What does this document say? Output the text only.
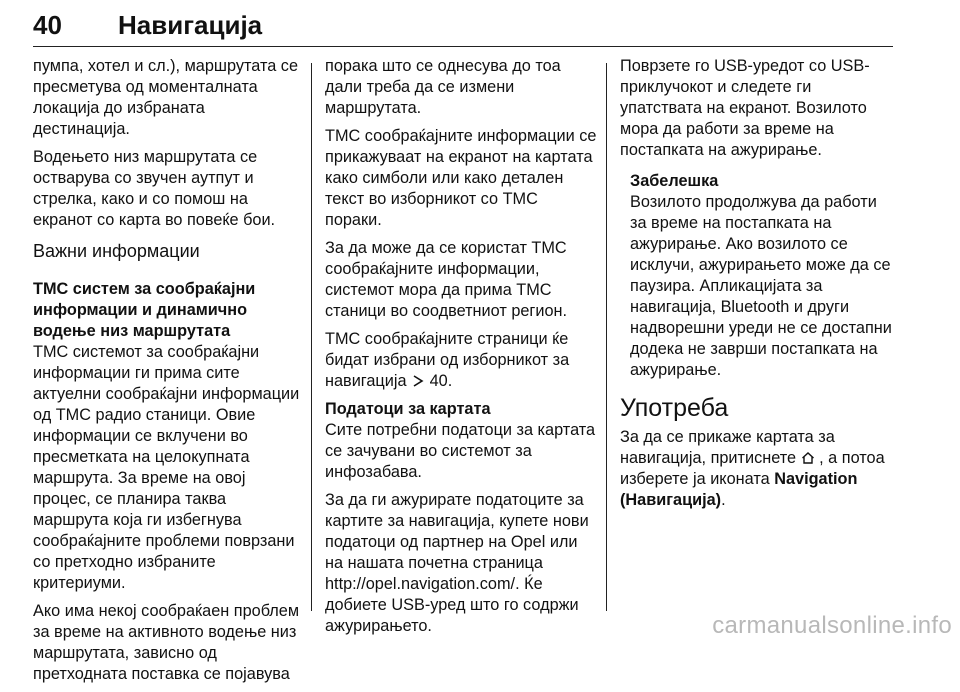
40 Навигација

пумпа, хотел и сл.), маршрутата се пресметува од моменталната локација до избраната дестинација.

Водењето низ маршрутата се остварува со звучен аутпут и стрелка, како и со помош на екранот со карта во повеќе бои.

Важни информации
TMC систем за сообраќајни информации и динамично водење низ маршрутата

TMC системот за сообраќајни информации ги прима сите актуелни сообраќајни информации од TMC радио станици. Овие информации се вклучени во пресметката на целокупната маршрута. За време на овој процес, се планира таква маршрута која ги избегнува сообраќајните проблеми поврзани со претходно избраните критериуми.

Ако има некој сообраќаен проблем за време на активното водење низ маршрутата, зависно од претходната поставка се појавува

порака што се однесува до тоа дали треба да се измени маршрутата.

TMC сообраќајните информации се прикажуваат на екранот на картата како симболи или како детален текст во изборникот со TMC пораки.

За да може да се користат TMC сообраќајните информации, системот мора да прима TMC станици во соодветниот регион.

TMC сообраќајните страници ќе бидат избрани од изборникот за навигација 40.

Податоци за картата

Сите потребни податоци за картата се зачувани во системот за инфозабава.

За да ги ажурирате податоците за картите за навигација, купете нови податоци од партнер на Opel или на нашата почетна страница http://opel.navigation.com/. Ќе добиете USB-уред што го содржи ажурирањето.

Поврзете го USB-уредот со USB-приклучокот и следете ги упатствата на екранот. Возилото мора да работи за време на постапката на ажурирање.

Забелешка
Возилото продолжува да работи за време на постапката на ажурирање. Ако возилото се исклучи, ажурирањето може да се паузира. Апликацијата за навигација, Bluetooth и други надворешни уреди не се достапни додека не заврши постапката на ажурирање.
Употреба

За да се прикаже картата за навигација, притиснете , а потоа изберете ја иконата Navigation (Навигација).

carmanualsonline.info
